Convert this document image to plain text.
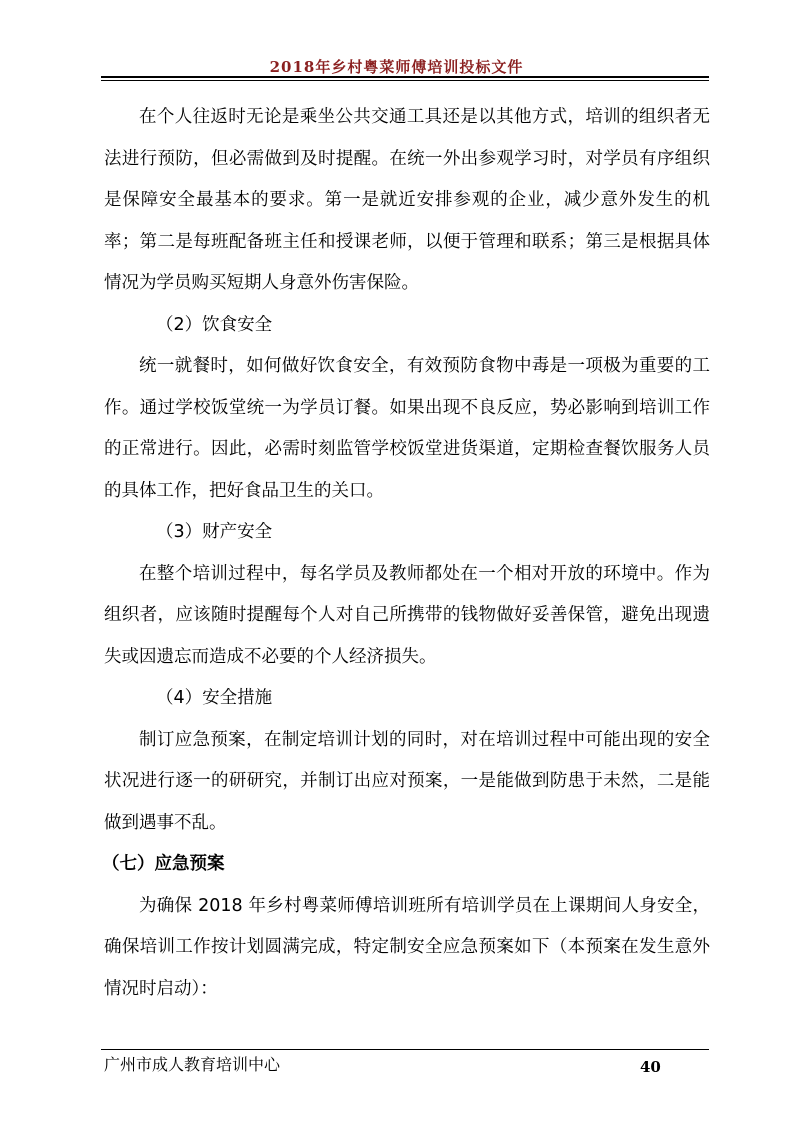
2018年乡村粤菜师傅培训投标文件

在个人往返时无论是乘坐公共交通工具还是以其他方式，培训的组织者无法进行预防，但必需做到及时提醒。在统一外出参观学习时，对学员有序组织是保障安全最基本的要求。第一是就近安排参观的企业，减少意外发生的机率；第二是每班配备班主任和授课老师，以便于管理和联系；第三是根据具体情况为学员购买短期人身意外伤害保险。

（2）饮食安全

统一就餐时，如何做好饮食安全，有效预防食物中毒是一项极为重要的工作。通过学校饭堂统一为学员订餐。如果出现不良反应，势必影响到培训工作的正常进行。因此，必需时刻监管学校饭堂进货渠道，定期检查餐饮服务人员的具体工作，把好食品卫生的关口。

（3）财产安全

在整个培训过程中，每名学员及教师都处在一个相对开放的环境中。作为组织者，应该随时提醒每个人对自己所携带的钱物做好妥善保管，避免出现遗失或因遗忘而造成不必要的个人经济损失。

（4）安全措施

制订应急预案，在制定培训计划的同时，对在培训过程中可能出现的安全状况进行逐一的研研究，并制订出应对预案，一是能做到防患于未然，二是能做到遇事不乱。

（七）应急预案

为确保 2018 年乡村粤菜师傅培训班所有培训学员在上课期间人身安全，确保培训工作按计划圆满完成，特定制安全应急预案如下（本预案在发生意外情况时启动）：

广州市成人教育培训中心	40
